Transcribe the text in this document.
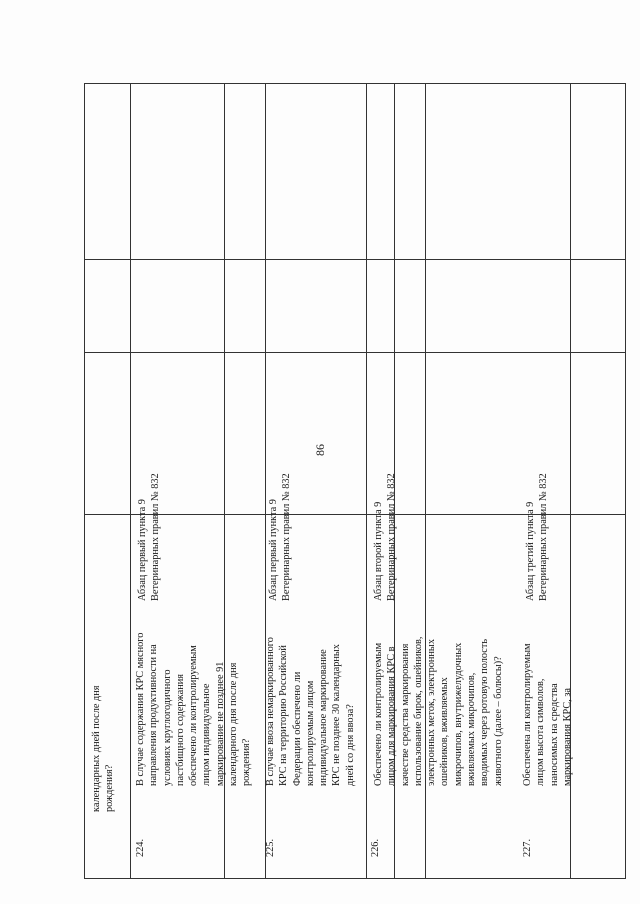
86
календарных дней после дня
рождения?
224.
В случае содержания КРС мясного
направления продуктивности на
условиях круглогодичного
пастбищного содержания
обеспечено ли контролируемым
лицом индивидуальное
маркирование не позднее 91
календарного дня после дня
рождения?
Абзац первый пункта 9
Ветеринарных правил № 832
225.
В случае ввоза немаркированного
КРС на территорию Российской
Федерации обеспечено ли
контролируемым лицом
индивидуальное маркирование
КРС не позднее 30 календарных
дней со дня ввоза?
Абзац первый пункта 9
Ветеринарных правил № 832
226.
Обеспечено ли контролируемым
лицом для маркирования КРС в
качестве средства маркирования
использование бирок, ошейников,
электронных меток, электронных
ошейников, вживляемых
микрочипов, внутрижелудочных
вживляемых микрочипов,
вводимых через ротовую полость
животного (далее – болюсы)?
Абзац второй пункта 9
Ветеринарных правил № 832
227.
Обеспечена ли контролируемым
лицом высота символов,
наносимых на средства
маркирования КРС, за
Абзац третий пункта 9
Ветеринарных правил № 832
